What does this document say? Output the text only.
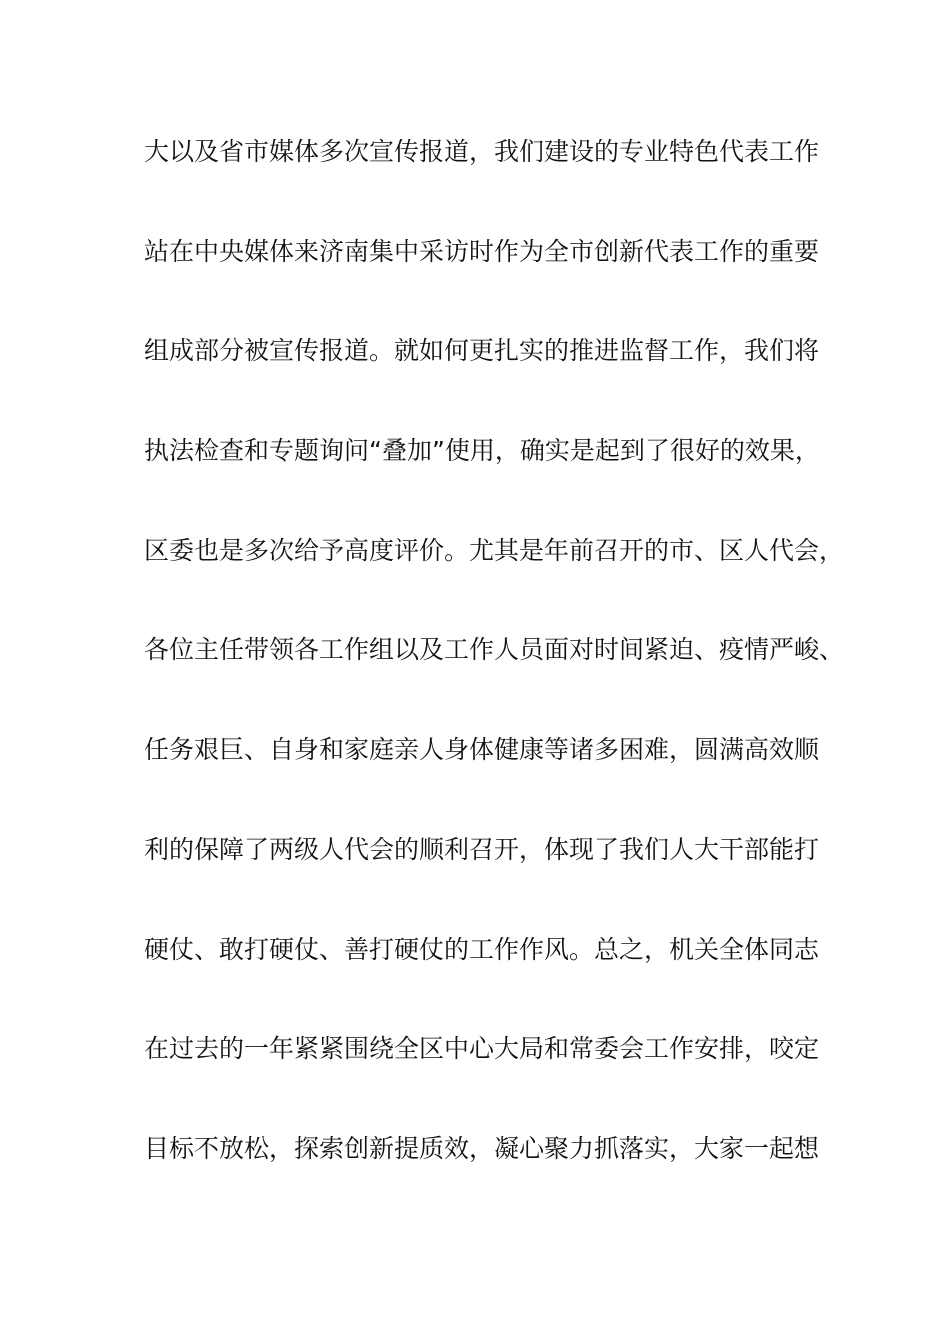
大以及省市媒体多次宣传报道，我们建设的专业特色代表工作
站在中央媒体来济南集中采访时作为全市创新代表工作的重要
组成部分被宣传报道。就如何更扎实的推进监督工作，我们将
执法检查和专题询问“叠加”使用，确实是起到了很好的效果，
区委也是多次给予高度评价。尤其是年前召开的市、区人代会，
各位主任带领各工作组以及工作人员面对时间紧迫、疫情严峻、
任务艰巨、自身和家庭亲人身体健康等诸多困难，圆满高效顺
利的保障了两级人代会的顺利召开，体现了我们人大干部能打
硬仗、敢打硬仗、善打硬仗的工作作风。总之，机关全体同志
在过去的一年紧紧围绕全区中心大局和常委会工作安排，咬定
目标不放松，探索创新提质效，凝心聚力抓落实，大家一起想
